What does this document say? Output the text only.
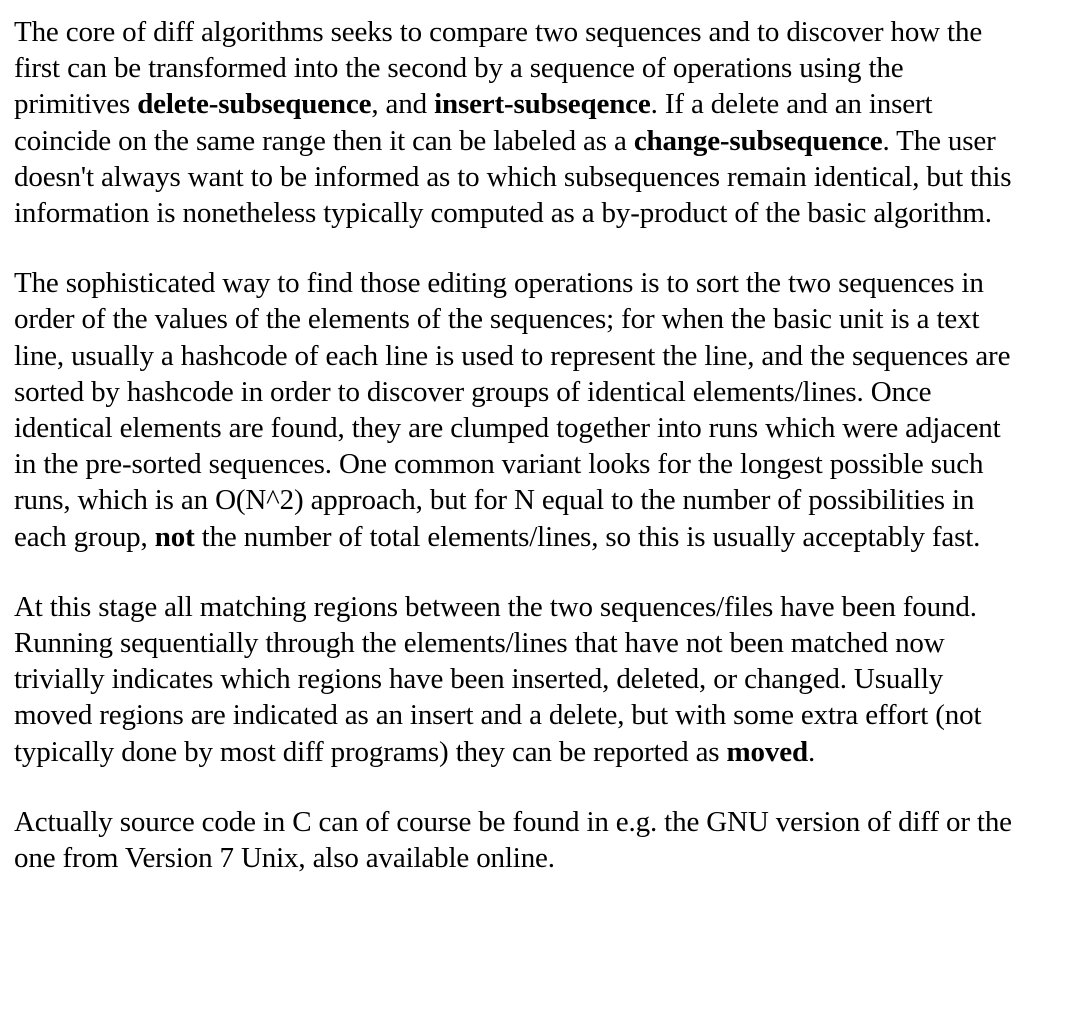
The core of diff algorithms seeks to compare two sequences and to discover how the first can be transformed into the second by a sequence of operations using the primitives delete-subsequence, and insert-subseqence. If a delete and an insert coincide on the same range then it can be labeled as a change-subsequence. The user doesn't always want to be informed as to which subsequences remain identical, but this information is nonetheless typically computed as a by-product of the basic algorithm.

The sophisticated way to find those editing operations is to sort the two sequences in order of the values of the elements of the sequences; for when the basic unit is a text line, usually a hashcode of each line is used to represent the line, and the sequences are sorted by hashcode in order to discover groups of identical elements/lines. Once identical elements are found, they are clumped together into runs which were adjacent in the pre-sorted sequences. One common variant looks for the longest possible such runs, which is an O(N^2) approach, but for N equal to the number of possibilities in each group, not the number of total elements/lines, so this is usually acceptably fast.

At this stage all matching regions between the two sequences/files have been found. Running sequentially through the elements/lines that have not been matched now trivially indicates which regions have been inserted, deleted, or changed. Usually moved regions are indicated as an insert and a delete, but with some extra effort (not typically done by most diff programs) they can be reported as moved.

Actually source code in C can of course be found in e.g. the GNU version of diff or the one from Version 7 Unix, also available online.
